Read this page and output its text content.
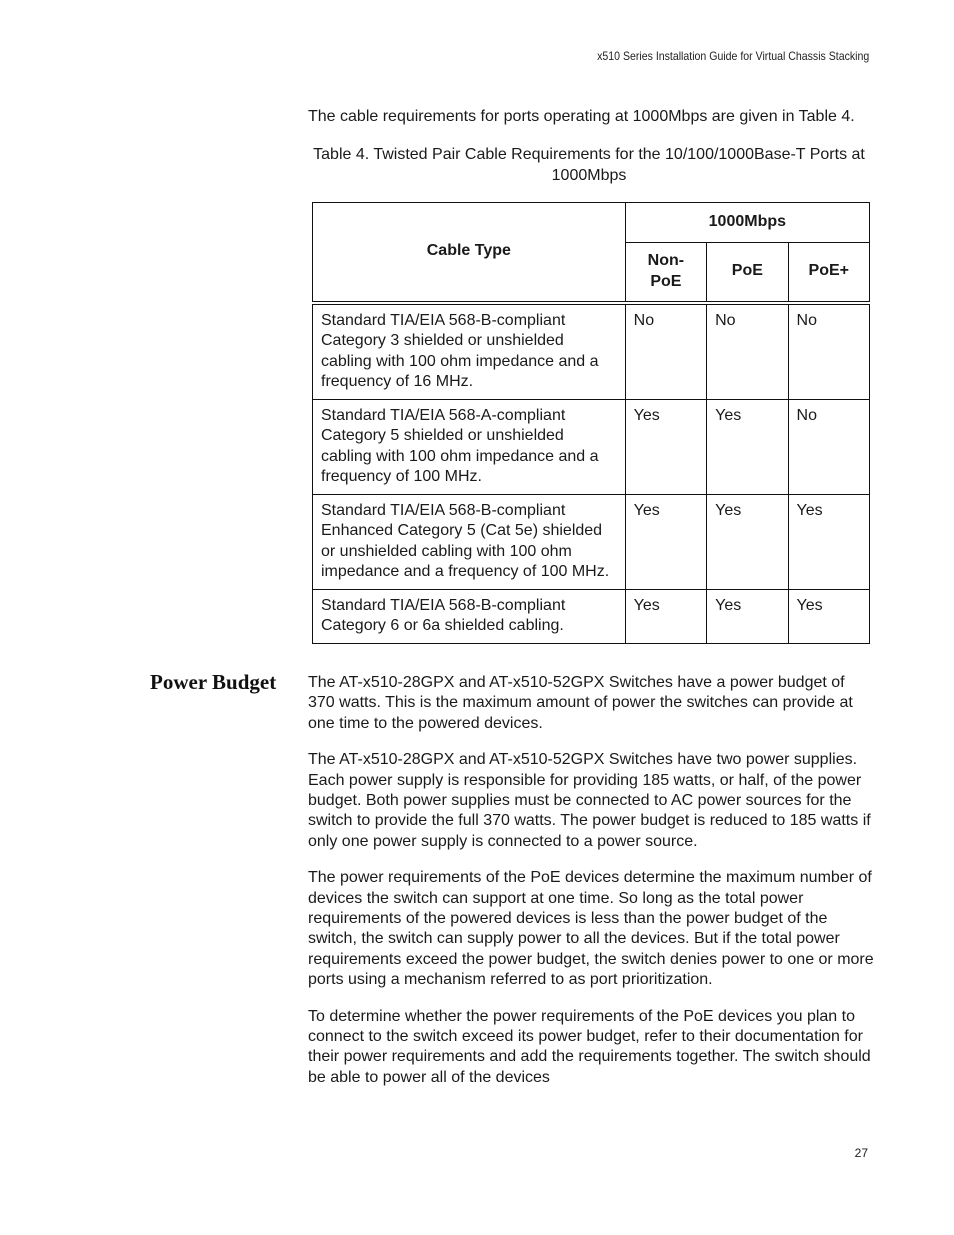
x510 Series Installation Guide for Virtual Chassis Stacking

The cable requirements for ports operating at 1000Mbps are given in Table 4.

Table 4. Twisted Pair Cable Requirements for the 10/100/1000Base-T Ports at 1000Mbps

Cable Type	1000Mbps		
	Non-PoE	PoE	PoE+
Standard TIA/EIA 568-B-compliant Category 3 shielded or unshielded cabling with 100 ohm impedance and a frequency of 16 MHz.	No	No	No
Standard TIA/EIA 568-A-compliant Category 5 shielded or unshielded cabling with 100 ohm impedance and a frequency of 100 MHz.	Yes	Yes	No
Standard TIA/EIA 568-B-compliant Enhanced Category 5 (Cat 5e) shielded or unshielded cabling with 100 ohm impedance and a frequency of 100 MHz.	Yes	Yes	Yes
Standard TIA/EIA 568-B-compliant Category 6 or 6a shielded cabling.	Yes	Yes	Yes
Power Budget The AT-x510-28GPX and AT-x510-52GPX Switches have a power budget of 370 watts. This is the maximum amount of power the switches can provide at one time to the powered devices.

The AT-x510-28GPX and AT-x510-52GPX Switches have two power supplies. Each power supply is responsible for providing 185 watts, or half, of the power budget. Both power supplies must be connected to AC power sources for the switch to provide the full 370 watts. The power budget is reduced to 185 watts if only one power supply is connected to a power source.

The power requirements of the PoE devices determine the maximum number of devices the switch can support at one time. So long as the total power requirements of the powered devices is less than the power budget of the switch, the switch can supply power to all the devices. But if the total power requirements exceed the power budget, the switch denies power to one or more ports using a mechanism referred to as port prioritization.

To determine whether the power requirements of the PoE devices you plan to connect to the switch exceed its power budget, refer to their documentation for their power requirements and add the requirements together. The switch should be able to power all of the devices

27
